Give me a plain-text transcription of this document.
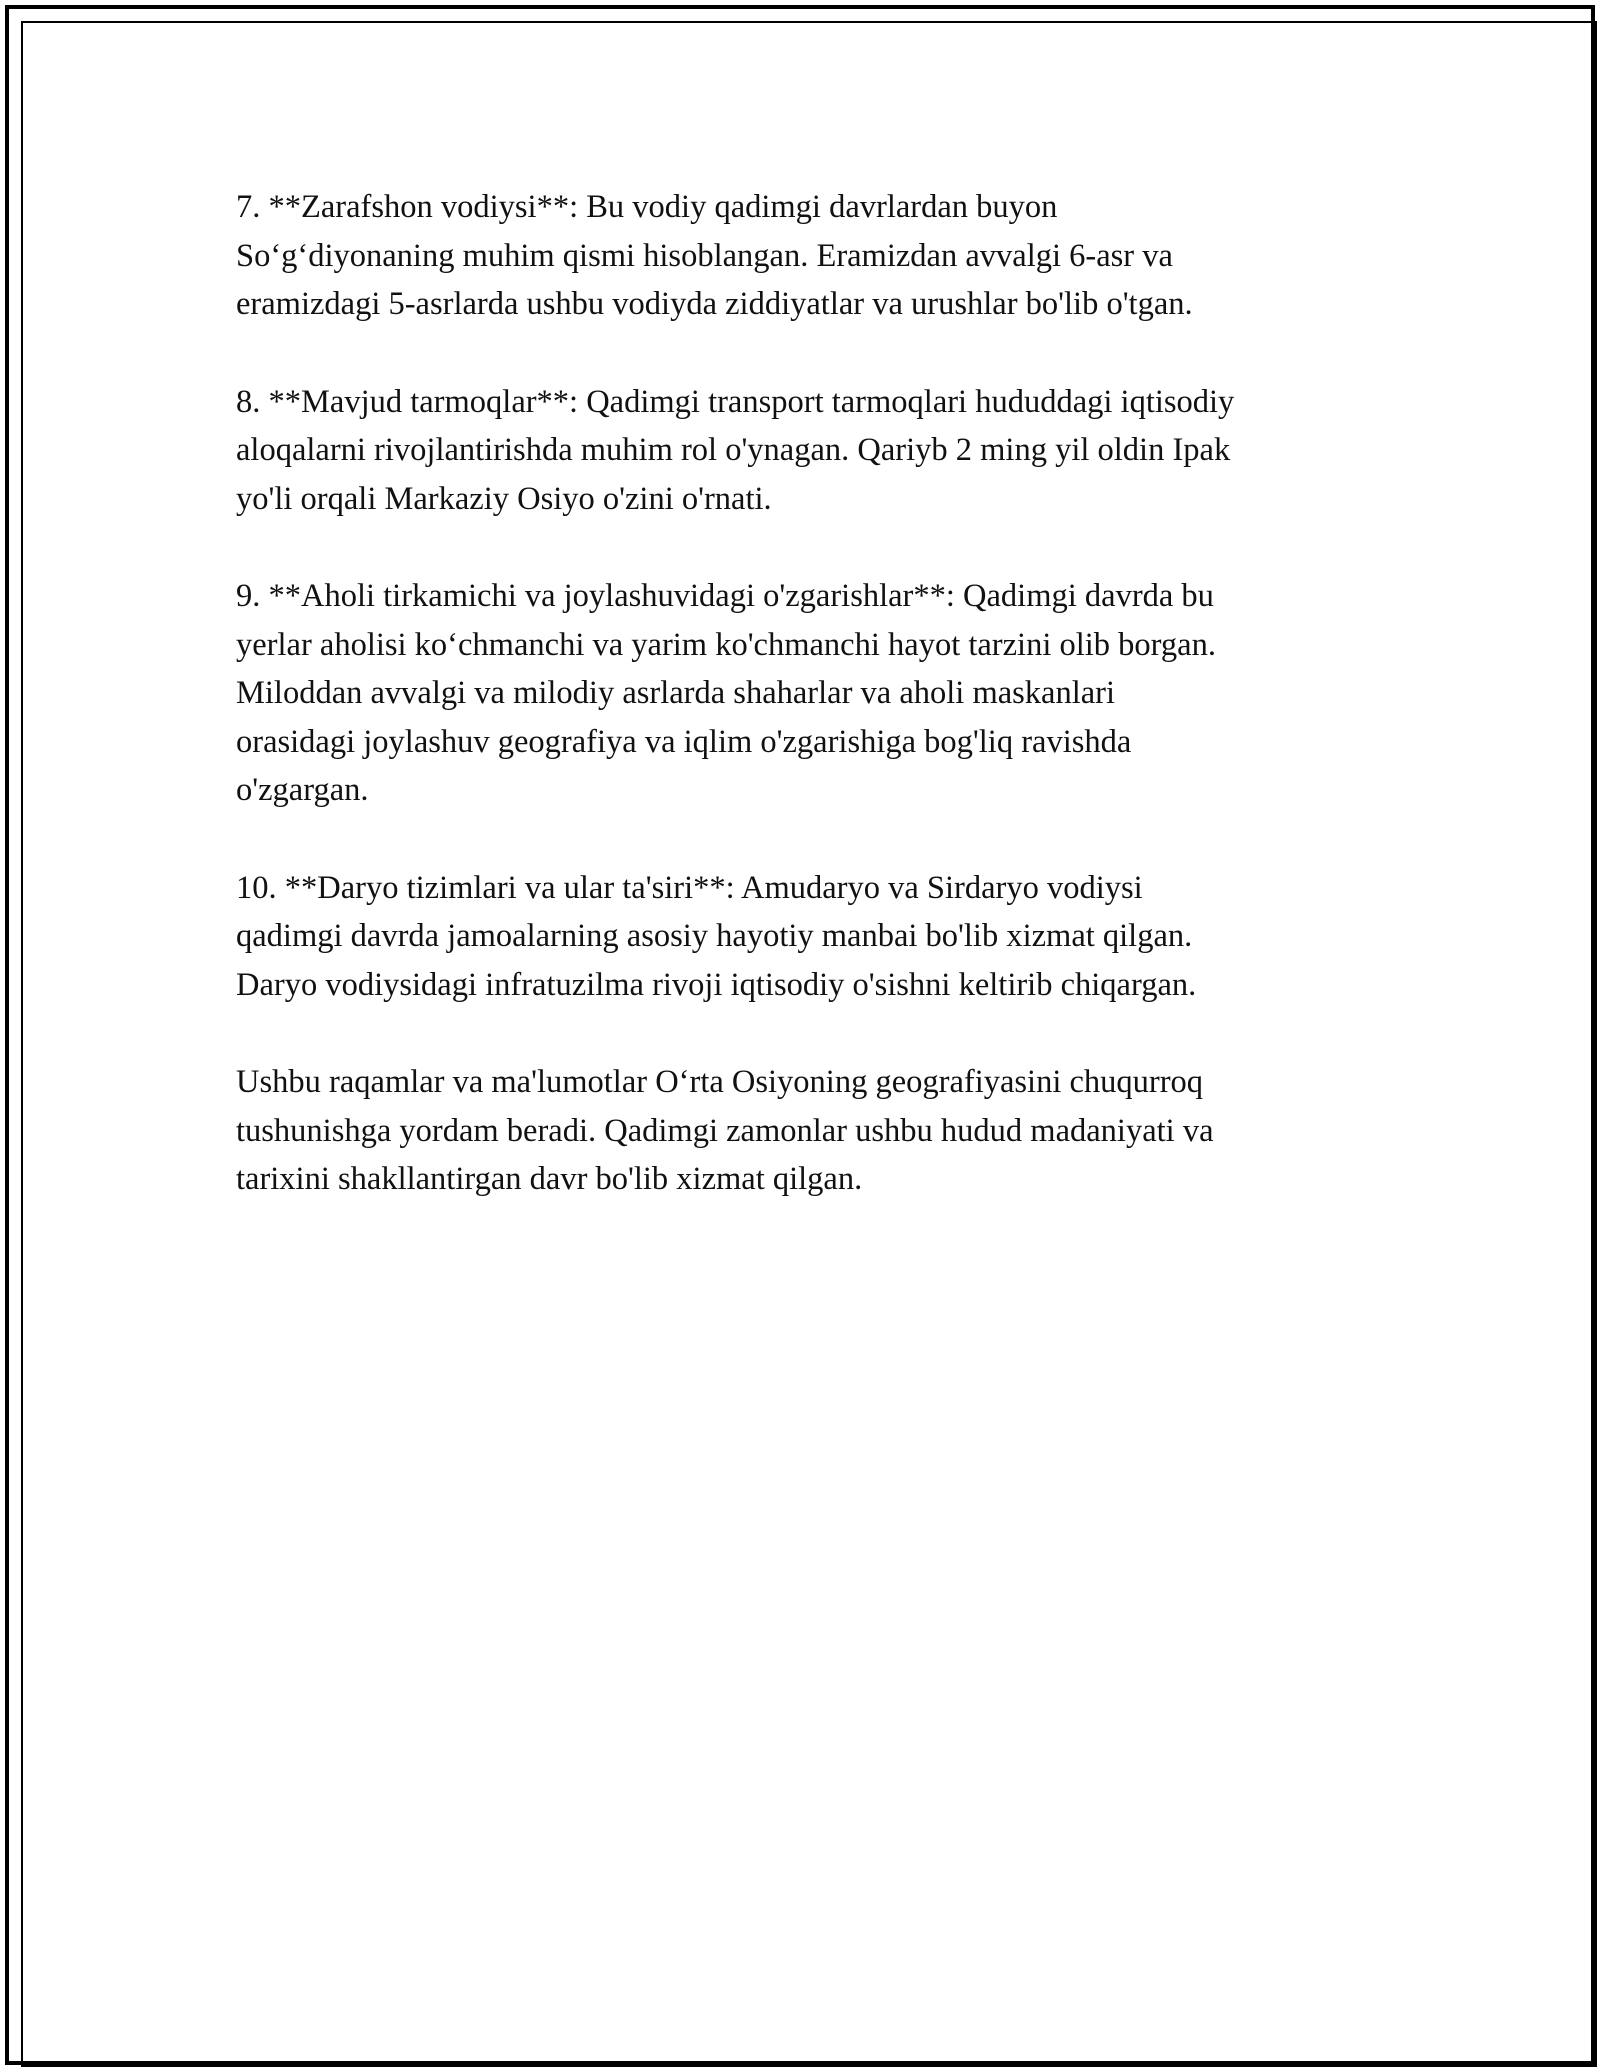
7. **Zarafshon vodiysi**: Bu vodiy qadimgi davrlardan buyon
So‘g‘diyonaning muhim qismi hisoblangan. Eramizdan avvalgi 6-asr va
eramizdagi 5-asrlarda ushbu vodiyda ziddiyatlar va urushlar bo'lib o'tgan.

8. **Mavjud tarmoqlar**: Qadimgi transport tarmoqlari hududdagi iqtisodiy
aloqalarni rivojlantirishda muhim rol o'ynagan. Qariyb 2 ming yil oldin Ipak
yo'li orqali Markaziy Osiyo o'zini o'rnati.

9. **Aholi tirkamichi va joylashuvidagi o'zgarishlar**: Qadimgi davrda bu
yerlar aholisi ko‘chmanchi va yarim ko'chmanchi hayot tarzini olib borgan.
Miloddan avvalgi va milodiy asrlarda shaharlar va aholi maskanlari
orasidagi joylashuv geografiya va iqlim o'zgarishiga bog'liq ravishda
o'zgargan.

10. **Daryo tizimlari va ular ta'siri**: Amudaryo va Sirdaryo vodiysi
qadimgi davrda jamoalarning asosiy hayotiy manbai bo'lib xizmat qilgan.
Daryo vodiysidagi infratuzilma rivoji iqtisodiy o'sishni keltirib chiqargan.

Ushbu raqamlar va ma'lumotlar O‘rta Osiyoning geografiyasini chuqurroq
tushunishga yordam beradi. Qadimgi zamonlar ushbu hudud madaniyati va
tarixini shakllantirgan davr bo'lib xizmat qilgan.
